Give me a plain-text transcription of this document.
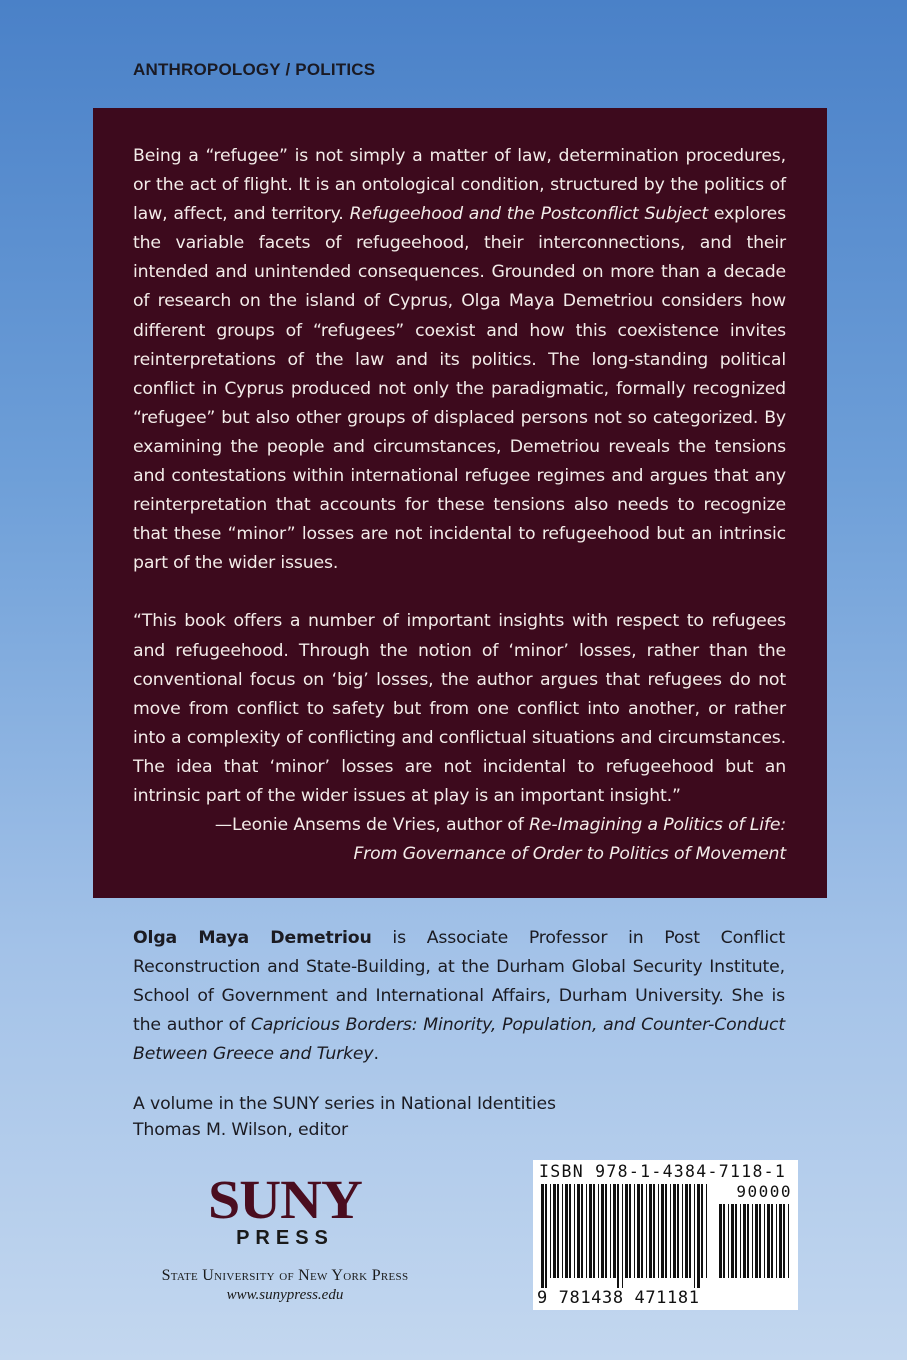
ANTHROPOLOGY / POLITICS

Being a “refugee” is not simply a matter of law, determination procedures, or the act of flight. It is an ontological condition, structured by the politics of law, affect, and territory. Refugeehood and the Postconflict Subject explores the variable facets of refugeehood, their interconnections, and their intended and unintended consequences. Grounded on more than a decade of research on the island of Cyprus, Olga Maya Demetriou considers how different groups of “refugees” coexist and how this coexistence invites reinterpretations of the law and its politics. The long-standing political conflict in Cyprus produced not only the paradigmatic, formally recognized “refugee” but also other groups of displaced persons not so categorized. By examining the people and circumstances, Demetriou reveals the tensions and contestations within international refugee regimes and argues that any reinterpretation that accounts for these tensions also needs to recognize that these “minor” losses are not incidental to refugeehood but an intrinsic part of the wider issues.

“This book offers a number of important insights with respect to refugees and refugeehood. Through the notion of ‘minor’ losses, rather than the conventional focus on ‘big’ losses, the author argues that refugees do not move from conflict to safety but from one conflict into another, or rather into a complexity of conflicting and conflictual situations and circumstances. The idea that ‘minor’ losses are not incidental to refugeehood but an intrinsic part of the wider issues at play is an important insight.”

—Leonie Ansems de Vries, author of Re-Imagining a Politics of Life:
From Governance of Order to Politics of Movement
Olga Maya Demetriou is Associate Professor in Post Conflict Reconstruction and State-Building, at the Durham Global Security Institute, School of Government and International Affairs, Durham University. She is the author of Capricious Borders: Minority, Population, and Counter-Conduct Between Greece and Turkey.
A volume in the SUNY series in National Identities
Thomas M. Wilson, editor
SUNY
PRESS
State University of New York Press
www.sunypress.edu
ISBN 978-1-4384-7118-1
90000
9 781438 471181
